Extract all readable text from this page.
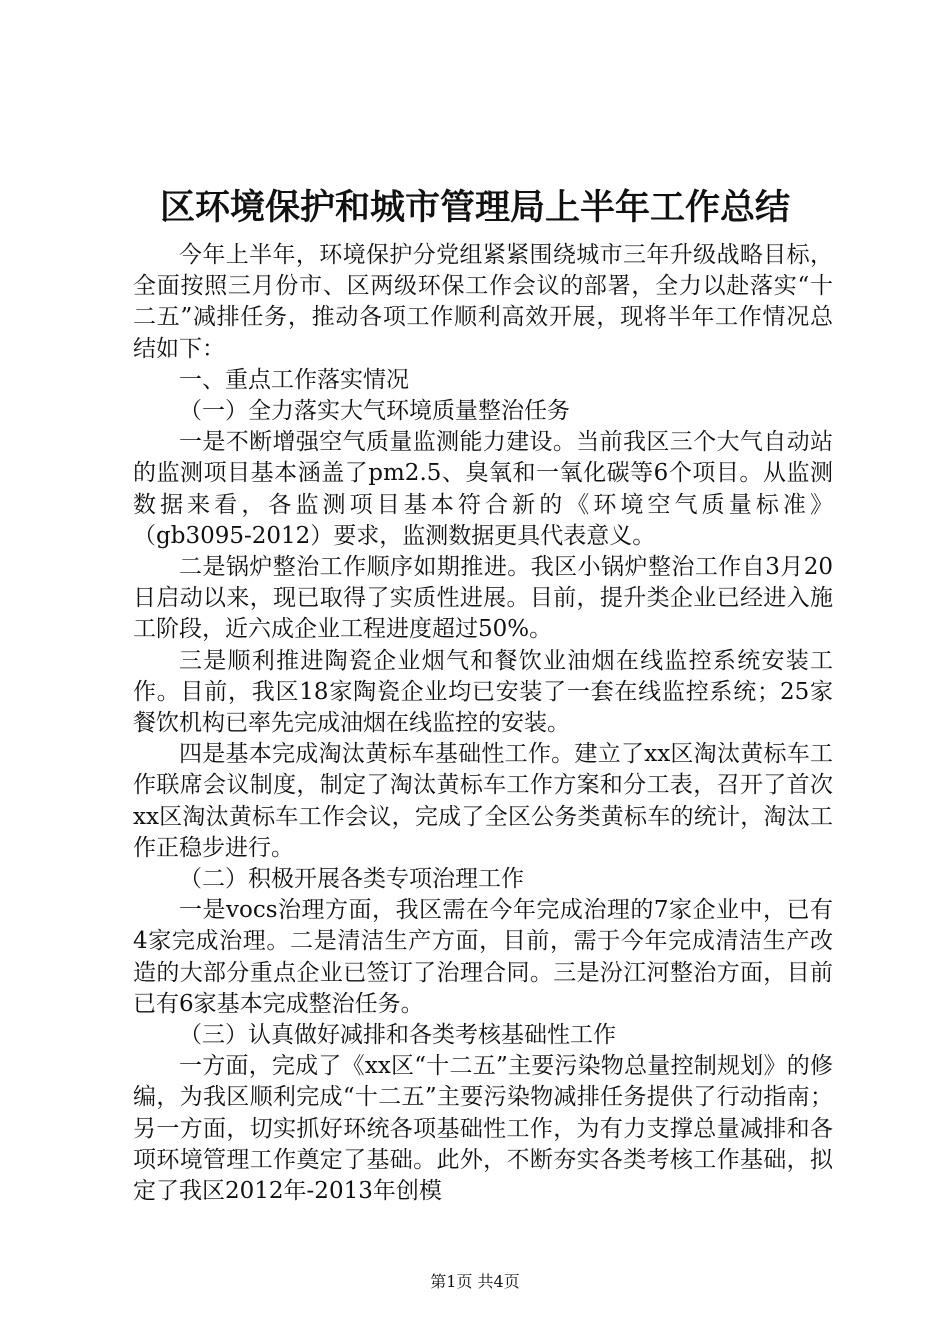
区环境保护和城市管理局上半年工作总结

今年上半年，环境保护分党组紧紧围绕城市三年升级战略目标，全面按照三月份市、区两级环保工作会议的部署，全力以赴落实“十二五”减排任务，推动各项工作顺利高效开展，现将半年工作情况总结如下：

一、重点工作落实情况

（一）全力落实大气环境质量整治任务

一是不断增强空气质量监测能力建设。当前我区三个大气自动站的监测项目基本涵盖了pm2.5、臭氧和一氧化碳等6个项目。从监测数据来看，各监测项目基本符合新的《环境空气质量标准》（gb3095-2012）要求，监测数据更具代表意义。

二是锅炉整治工作顺序如期推进。我区小锅炉整治工作自3月20日启动以来，现已取得了实质性进展。目前，提升类企业已经进入施工阶段，近六成企业工程进度超过50%。

三是顺利推进陶瓷企业烟气和餐饮业油烟在线监控系统安装工作。目前，我区18家陶瓷企业均已安装了一套在线监控系统；25家餐饮机构已率先完成油烟在线监控的安装。

四是基本完成淘汰黄标车基础性工作。建立了xx区淘汰黄标车工作联席会议制度，制定了淘汰黄标车工作方案和分工表，召开了首次xx区淘汰黄标车工作会议，完成了全区公务类黄标车的统计，淘汰工作正稳步进行。

（二）积极开展各类专项治理工作

一是vocs治理方面，我区需在今年完成治理的7家企业中，已有4家完成治理。二是清洁生产方面，目前，需于今年完成清洁生产改造的大部分重点企业已签订了治理合同。三是汾江河整治方面，目前已有6家基本完成整治任务。

（三）认真做好减排和各类考核基础性工作

一方面，完成了《xx区“十二五”主要污染物总量控制规划》的修编，为我区顺利完成“十二五”主要污染物减排任务提供了行动指南；另一方面，切实抓好环统各项基础性工作，为有力支撑总量减排和各项环境管理工作奠定了基础。此外，不断夯实各类考核工作基础，拟定了我区2012年-2013年创模

第1页 共4页
